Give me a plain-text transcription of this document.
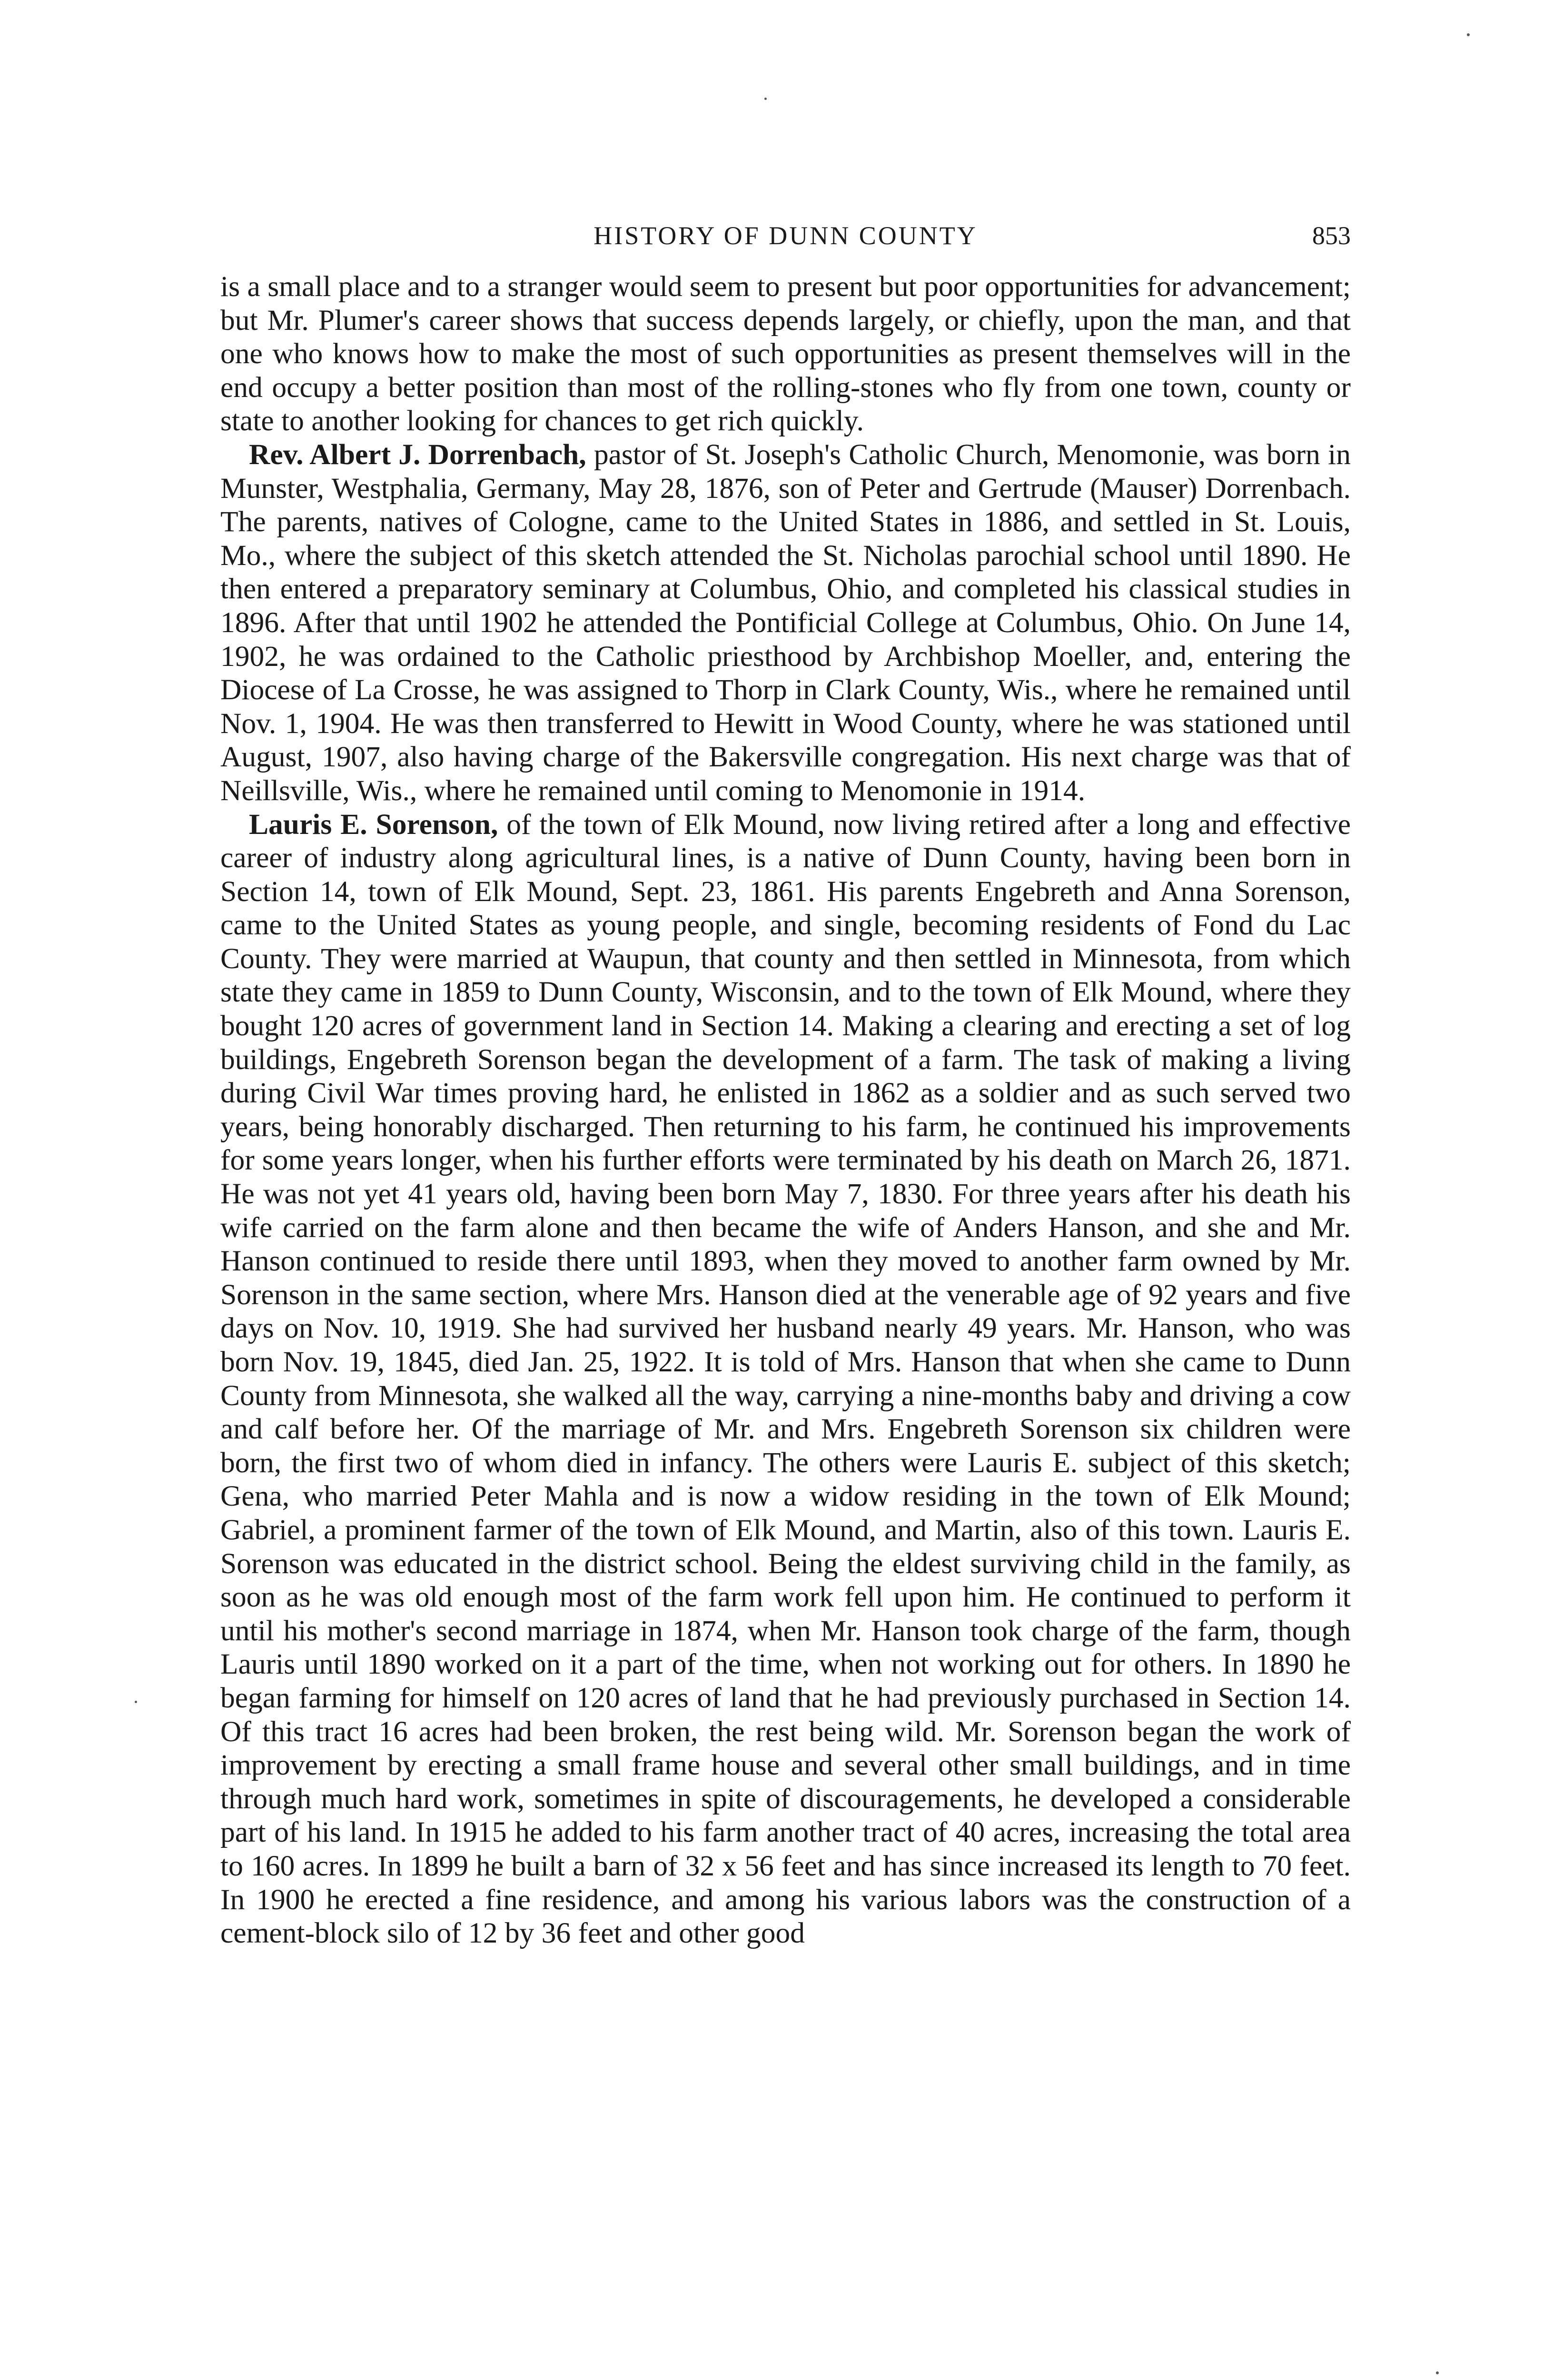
HISTORY OF DUNN COUNTY	853

is a small place and to a stranger would seem to present but poor opportunities for advancement; but Mr. Plumer's career shows that success depends largely, or chiefly, upon the man, and that one who knows how to make the most of such opportunities as present themselves will in the end occupy a better position than most of the rolling-stones who fly from one town, county or state to another looking for chances to get rich quickly.

Rev. Albert J. Dorrenbach, pastor of St. Joseph's Catholic Church, Menomonie, was born in Munster, Westphalia, Germany, May 28, 1876, son of Peter and Gertrude (Mauser) Dorrenbach. The parents, natives of Cologne, came to the United States in 1886, and settled in St. Louis, Mo., where the subject of this sketch attended the St. Nicholas parochial school until 1890. He then entered a preparatory seminary at Columbus, Ohio, and completed his classical studies in 1896. After that until 1902 he attended the Pontificial College at Columbus, Ohio. On June 14, 1902, he was ordained to the Catholic priesthood by Archbishop Moeller, and, entering the Diocese of La Crosse, he was assigned to Thorp in Clark County, Wis., where he remained until Nov. 1, 1904. He was then transferred to Hewitt in Wood County, where he was stationed until August, 1907, also having charge of the Bakersville congregation. His next charge was that of Neillsville, Wis., where he remained until coming to Menomonie in 1914.

Lauris E. Sorenson, of the town of Elk Mound, now living retired after a long and effective career of industry along agricultural lines, is a native of Dunn County, having been born in Section 14, town of Elk Mound, Sept. 23, 1861. His parents Engebreth and Anna Sorenson, came to the United States as young people, and single, becoming residents of Fond du Lac County. They were married at Waupun, that county and then settled in Minnesota, from which state they came in 1859 to Dunn County, Wisconsin, and to the town of Elk Mound, where they bought 120 acres of government land in Section 14. Making a clearing and erecting a set of log buildings, Engebreth Sorenson began the development of a farm. The task of making a living during Civil War times proving hard, he enlisted in 1862 as a soldier and as such served two years, being honorably discharged. Then returning to his farm, he continued his improvements for some years longer, when his further efforts were terminated by his death on March 26, 1871. He was not yet 41 years old, having been born May 7, 1830. For three years after his death his wife carried on the farm alone and then became the wife of Anders Hanson, and she and Mr. Hanson continued to reside there until 1893, when they moved to another farm owned by Mr. Sorenson in the same section, where Mrs. Hanson died at the venerable age of 92 years and five days on Nov. 10, 1919. She had survived her husband nearly 49 years. Mr. Hanson, who was born Nov. 19, 1845, died Jan. 25, 1922. It is told of Mrs. Hanson that when she came to Dunn County from Minnesota, she walked all the way, carrying a nine-months baby and driving a cow and calf before her. Of the marriage of Mr. and Mrs. Engebreth Sorenson six children were born, the first two of whom died in infancy. The others were Lauris E. subject of this sketch; Gena, who married Peter Mahla and is now a widow residing in the town of Elk Mound; Gabriel, a prominent farmer of the town of Elk Mound, and Martin, also of this town. Lauris E. Sorenson was educated in the district school. Being the eldest surviving child in the family, as soon as he was old enough most of the farm work fell upon him. He continued to perform it until his mother's second marriage in 1874, when Mr. Hanson took charge of the farm, though Lauris until 1890 worked on it a part of the time, when not working out for others. In 1890 he began farming for himself on 120 acres of land that he had previously purchased in Section 14. Of this tract 16 acres had been broken, the rest being wild. Mr. Sorenson began the work of improvement by erecting a small frame house and several other small buildings, and in time through much hard work, sometimes in spite of discouragements, he developed a considerable part of his land. In 1915 he added to his farm another tract of 40 acres, increasing the total area to 160 acres. In 1899 he built a barn of 32 x 56 feet and has since increased its length to 70 feet. In 1900 he erected a fine residence, and among his various labors was the construction of a cement-block silo of 12 by 36 feet and other good
